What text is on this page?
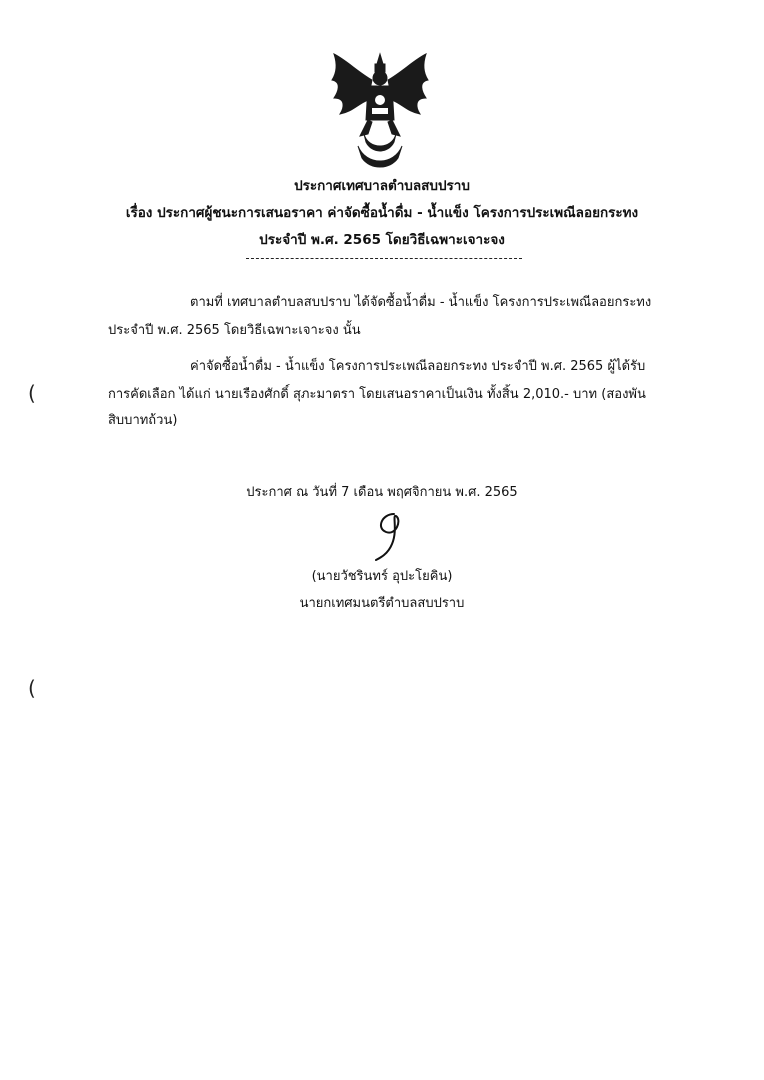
ประกาศเทศบาลตำบลสบปราบ
เรื่อง ประกาศผู้ชนะการเสนอราคา ค่าจัดซื้อน้ำดื่ม - น้ำแข็ง โครงการประเพณีลอยกระทง
ประจำปี พ.ศ. 2565 โดยวิธีเฉพาะเจาะจง
ตามที่ เทศบาลตำบลสบปราบ ได้จัดซื้อน้ำดื่ม - น้ำแข็ง โครงการประเพณีลอยกระทง
ประจำปี พ.ศ. 2565 โดยวิธีเฉพาะเจาะจง นั้น
ค่าจัดซื้อน้ำดื่ม - น้ำแข็ง โครงการประเพณีลอยกระทง ประจำปี พ.ศ. 2565 ผู้ได้รับ
การคัดเลือก ได้แก่ นายเรืองศักดิ์ สุภะมาตรา โดยเสนอราคาเป็นเงิน ทั้งสิ้น 2,010.- บาท (สองพัน
สิบบาทถ้วน)
ประกาศ ณ วันที่ 7 เดือน พฤศจิกายน พ.ศ. 2565
(นายวัชรินทร์ อุปะโยคิน)
นายกเทศมนตรีตำบลสบปราบ
(
(
